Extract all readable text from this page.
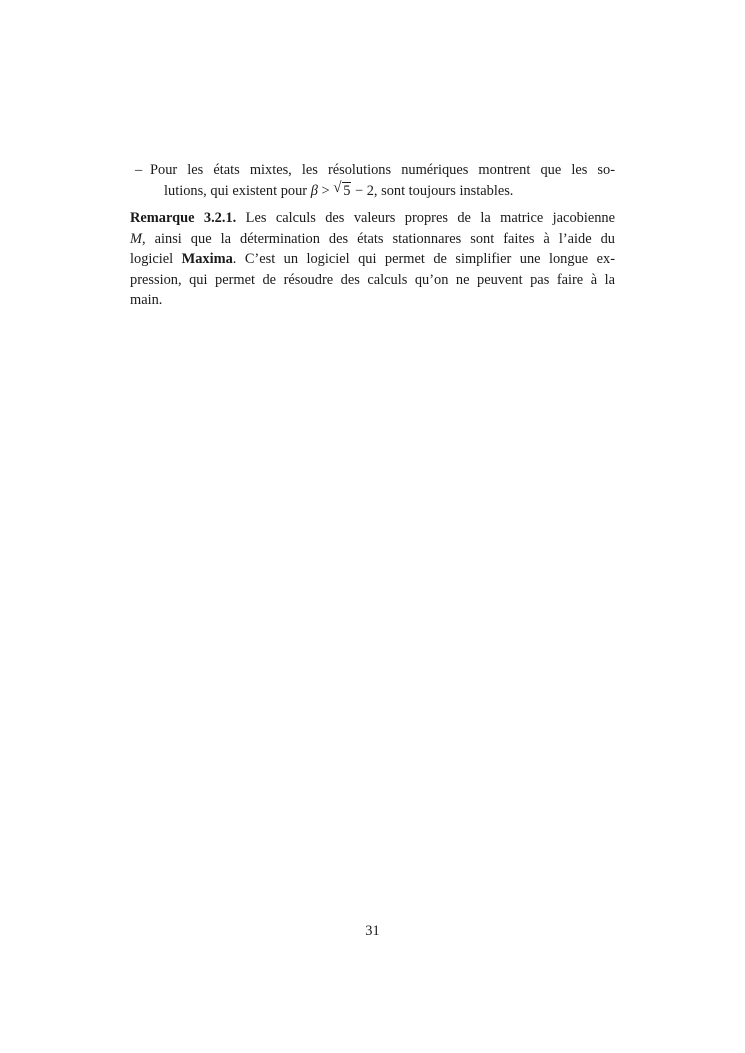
– Pour les états mixtes, les résolutions numériques montrent que les so-
lutions, qui existent pour β > √ 5 − 2, sont toujours instables.
Remarque 3.2.1. Les calculs des valeurs propres de la matrice jacobienne
M, ainsi que la détermination des états stationnares sont faites à l’aide du
logiciel Maxima. C’est un logiciel qui permet de simplifier une longue ex-
pression, qui permet de résoudre des calculs qu’on ne peuvent pas faire à la
main.
31
